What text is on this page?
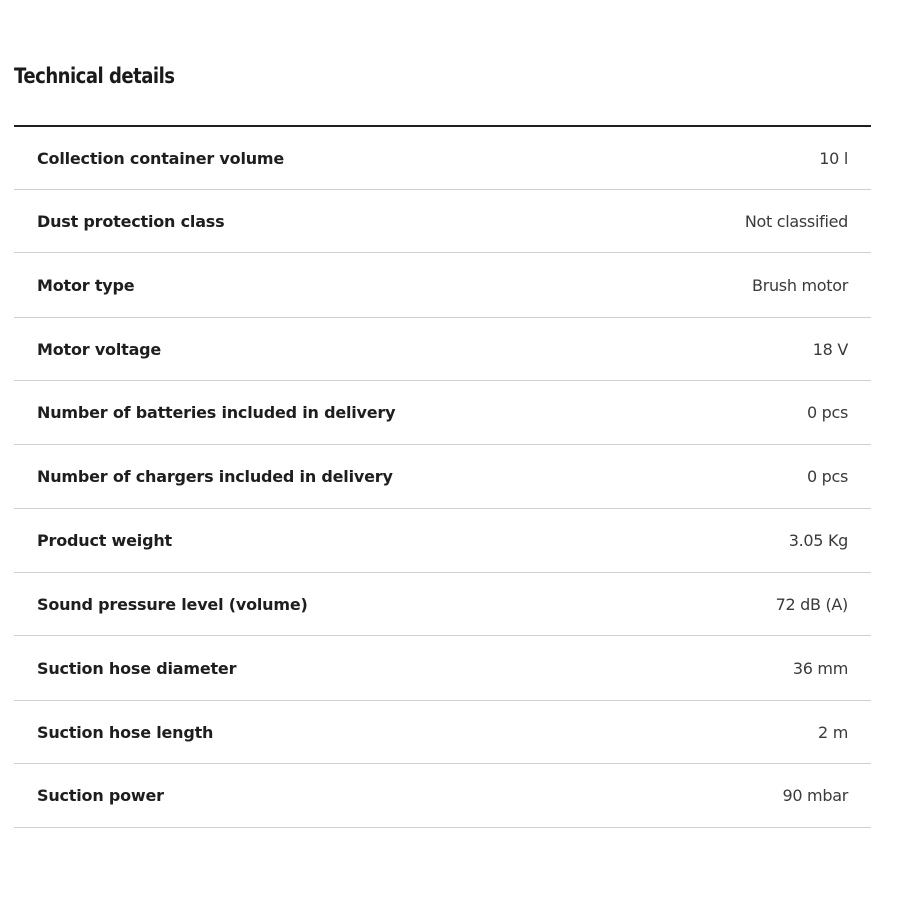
Technical details
Collection container volume	10 l
Dust protection class	Not classified
Motor type	Brush motor
Motor voltage	18 V
Number of batteries included in delivery	0 pcs
Number of chargers included in delivery	0 pcs
Product weight	3.05 Kg
Sound pressure level (volume)	72 dB (A)
Suction hose diameter	36 mm
Suction hose length	2 m
Suction power	90 mbar
